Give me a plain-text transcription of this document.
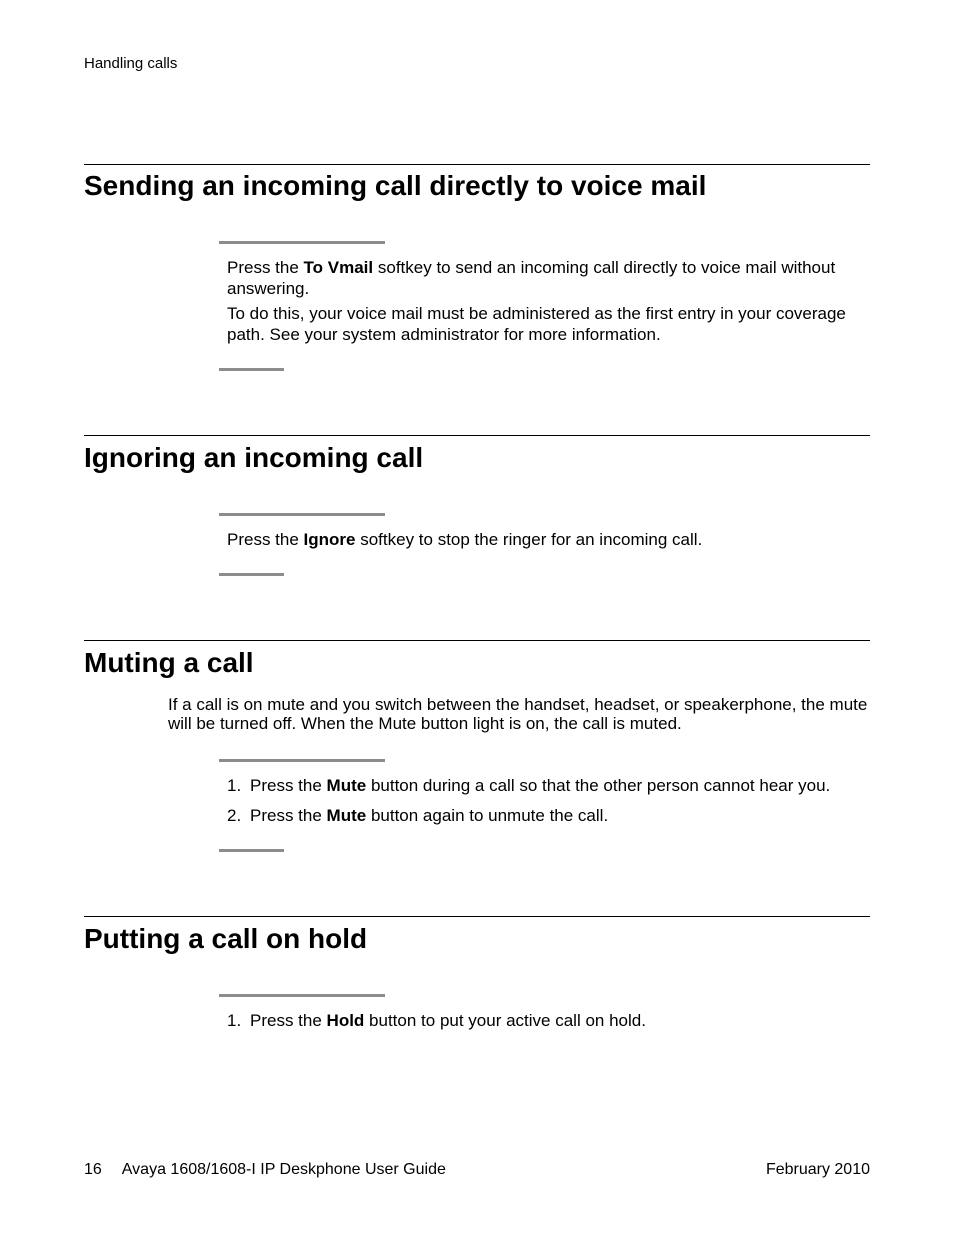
Handling calls
Sending an incoming call directly to voice mail

Press the To Vmail softkey to send an incoming call directly to voice mail without answering.

To do this, your voice mail must be administered as the first entry in your coverage path. See your system administrator for more information.

Ignoring an incoming call

Press the Ignore softkey to stop the ringer for an incoming call.

Muting a call

If a call is on mute and you switch between the handset, headset, or speakerphone, the mute will be turned off. When the Mute button light is on, the call is muted.

1. Press the Mute button during a call so that the other person cannot hear you.
2. Press the Mute button again to unmute the call.
Putting a call on hold
1. Press the Hold button to put your active call on hold.
16 Avaya 1608/1608-I IP Deskphone User Guide	February 2010
